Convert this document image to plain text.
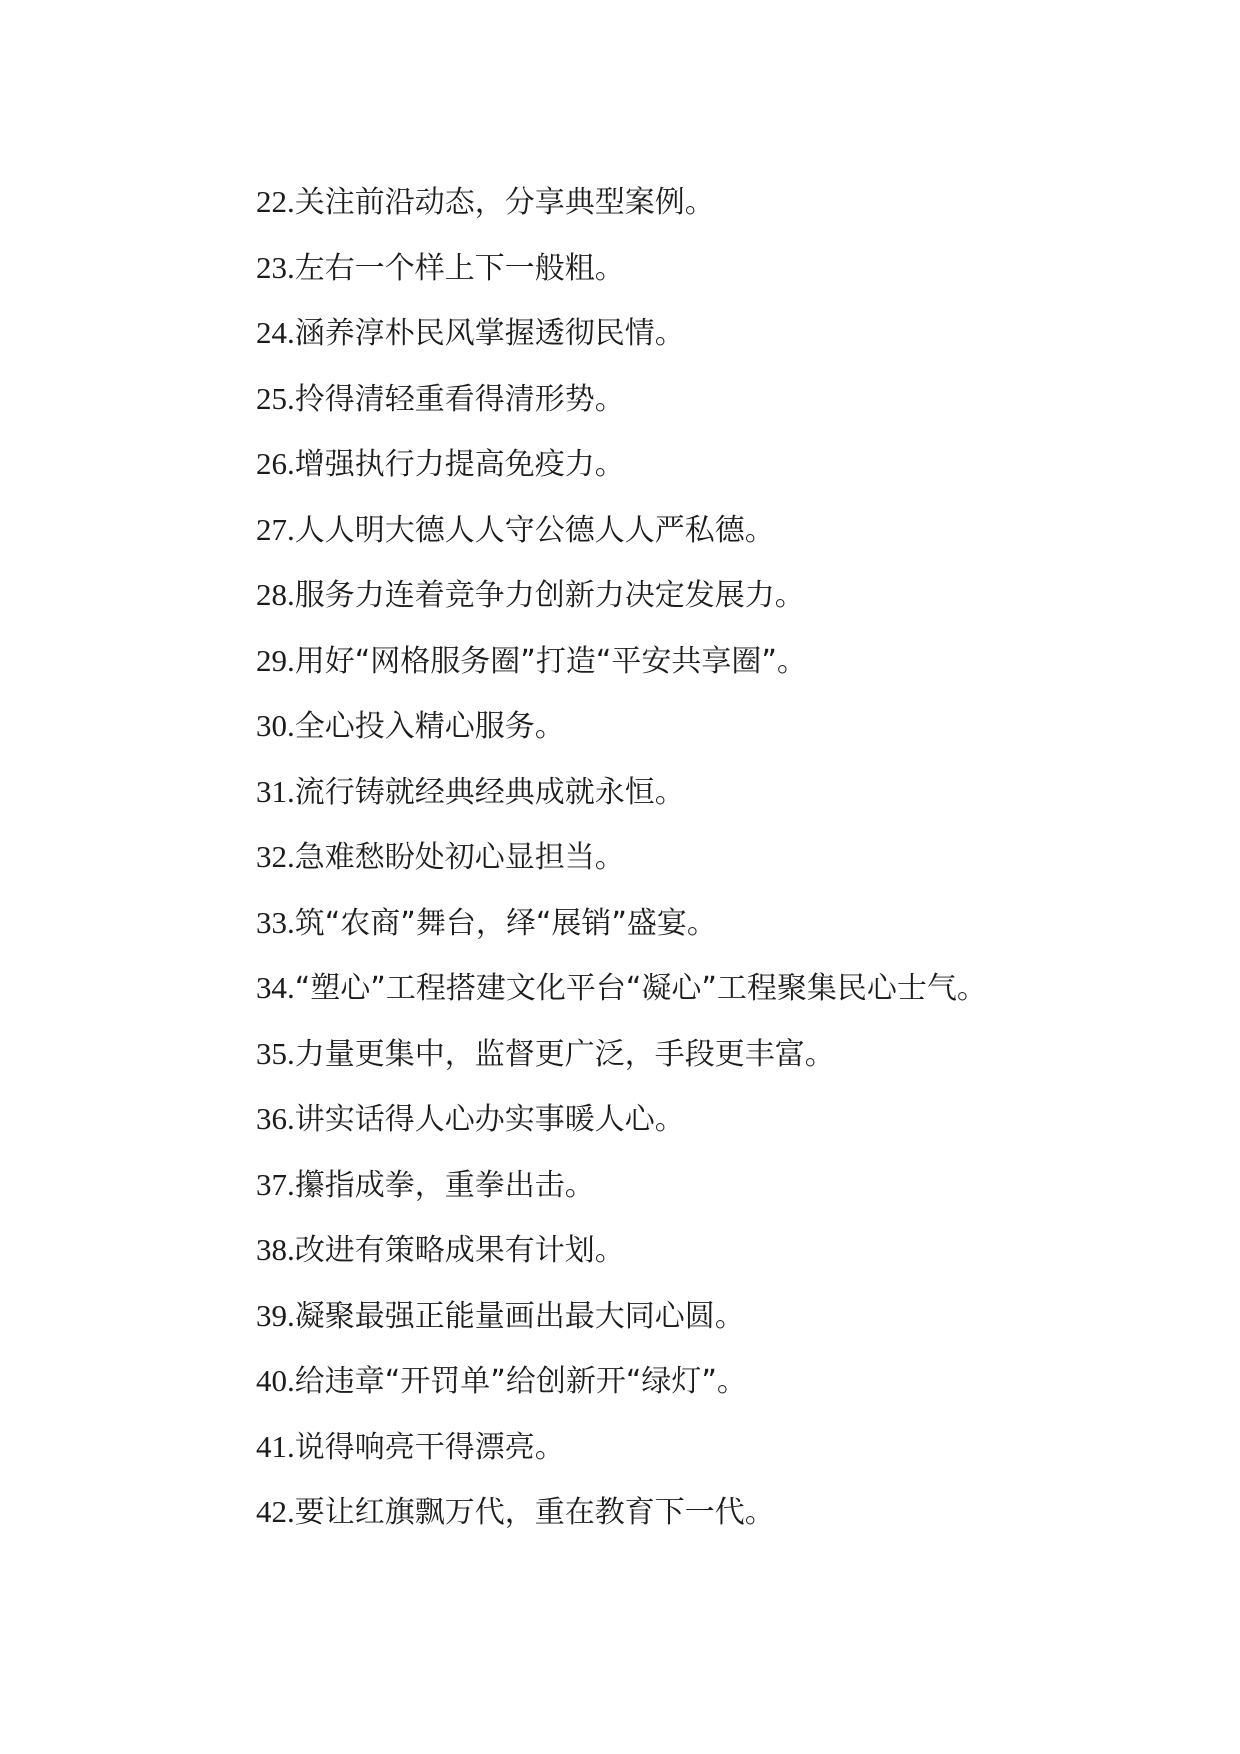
22.关注前沿动态，分享典型案例。

23.左右一个样上下一般粗。

24.涵养淳朴民风掌握透彻民情。

25.拎得清轻重看得清形势。

26.增强执行力提高免疫力。

27.人人明大德人人守公德人人严私德。

28.服务力连着竞争力创新力决定发展力。

29.用好“网格服务圈”打造“平安共享圈”。

30.全心投入精心服务。

31.流行铸就经典经典成就永恒。

32.急难愁盼处初心显担当。

33.筑“农商”舞台，绎“展销”盛宴。

34.“塑心”工程搭建文化平台“凝心”工程聚集民心士气。

35.力量更集中，监督更广泛，手段更丰富。

36.讲实话得人心办实事暖人心。

37.攥指成拳，重拳出击。

38.改进有策略成果有计划。

39.凝聚最强正能量画出最大同心圆。

40.给违章“开罚单”给创新开“绿灯”。

41.说得响亮干得漂亮。

42.要让红旗飘万代，重在教育下一代。
